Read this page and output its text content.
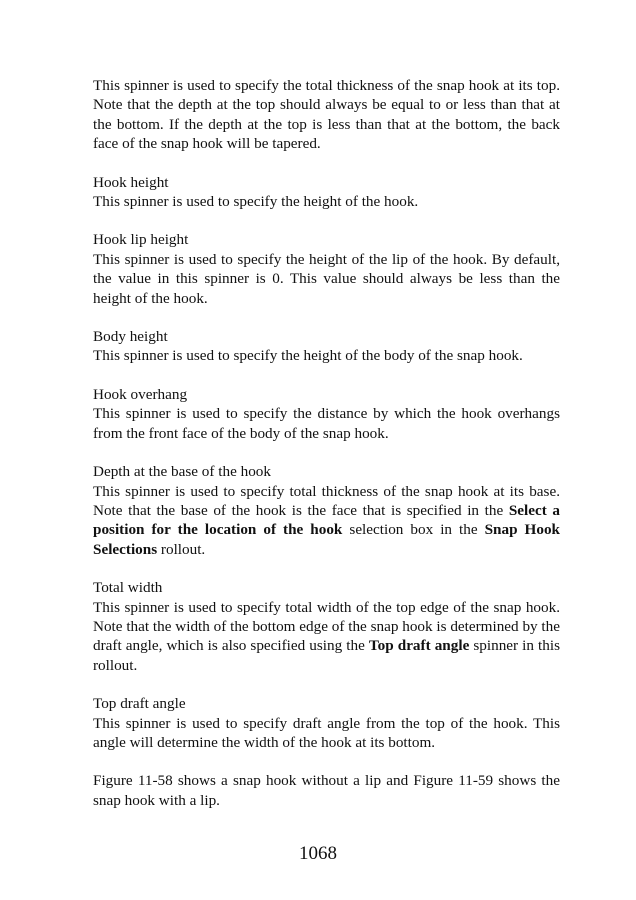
This spinner is used to specify the total thickness of the snap hook at its top. Note that the depth at the top should always be equal to or less than that at the bottom. If the depth at the top is less than that at the bottom, the back face of the snap hook will be tapered.

Hook height

This spinner is used to specify the height of the hook.

Hook lip height

This spinner is used to specify the height of the lip of the hook. By default, the value in this spinner is 0. This value should always be less than the height of the hook.

Body height

This spinner is used to specify the height of the body of the snap hook.

Hook overhang

This spinner is used to specify the distance by which the hook overhangs from the front face of the body of the snap hook.

Depth at the base of the hook

This spinner is used to specify total thickness of the snap hook at its base. Note that the base of the hook is the face that is specified in the Select a position for the location of the hook selection box in the Snap Hook Selections rollout.

Total width

This spinner is used to specify total width of the top edge of the snap hook. Note that the width of the bottom edge of the snap hook is determined by the draft angle, which is also specified using the Top draft angle spinner in this rollout.

Top draft angle

This spinner is used to specify draft angle from the top of the hook. This angle will determine the width of the hook at its bottom.

Figure 11-58 shows a snap hook without a lip and Figure 11-59 shows the snap hook with a lip.

1068
